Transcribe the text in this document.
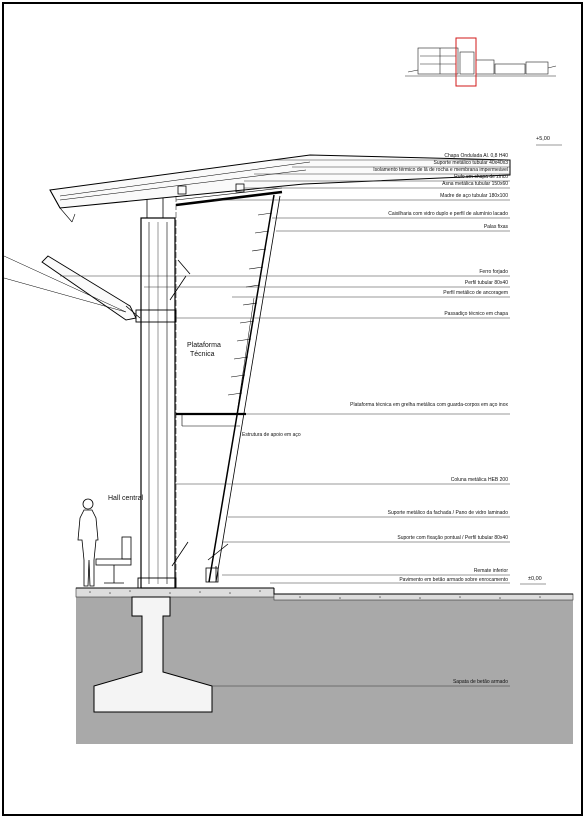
+5,00
±0,00
Plataforma
Técnica
Hall central
Chapa Ondulada Al. 0,8 H40
Suporte metálico tubular 40x40x3
Isolamento térmico de lã de rocha e membrana impermeável
Rufo em chapa de zinco
Asna metálica tubular 150x60
Madre de aço tubular 180x100
Caixilharia com vidro duplo e perfil de alumínio lacado
Palas fixas
Ferro forjado
Perfil tubular 80x40
Perfil metálico de ancoragem
Passadiço técnico em chapa
Plataforma técnica em grelha metálica com guarda-corpos em aço inox
Estrutura de apoio em aço
Coluna metálica HEB 200
Suporte metálico da fachada / Pano de vidro laminado
Suporte com fixação pontual / Perfil tubular 80x40
Remate inferior
Pavimento em betão armado sobre enrocamento
Sapata de betão armado
